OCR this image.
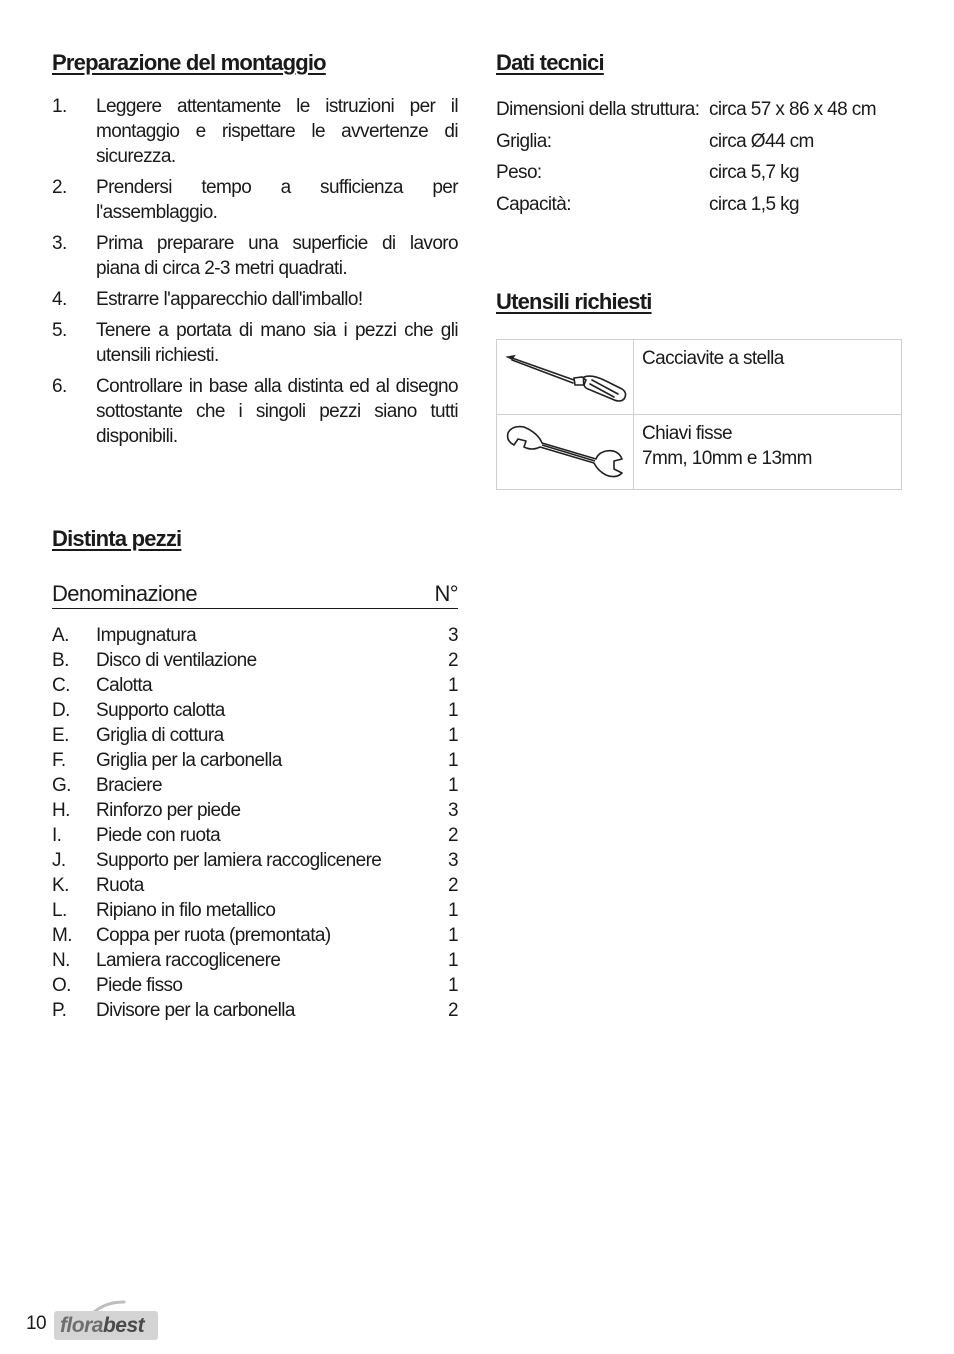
Preparazione del montaggio
1.	Leggere attentamente le istruzioni per il montaggio e rispettare le avvertenze di sicurezza.
2.	Prendersi tempo a sufficienza per l'assemblaggio.
3.	Prima preparare una superficie di lavoro piana di circa 2-3 metri quadrati.
4.	Estrarre l'apparecchio dall'imballo!
5.	Tenere a portata di mano sia i pezzi che gli utensili richiesti.
6.	Controllare in base alla distinta ed al disegno sottostante che i singoli pezzi siano tutti disponibili.
Distinta pezzi
Denominazione	N°
A.	Impugnatura	3
B.	Disco di ventilazione	2
C.	Calotta	1
D.	Supporto calotta	1
E.	Griglia di cottura	1
F.	Griglia per la carbonella	1
G.	Braciere	1
H.	Rinforzo per piede	3
I.	Piede con ruota	2
J.	Supporto per lamiera raccoglicenere	3
K.	Ruota	2
L.	Ripiano in filo metallico	1
M.	Coppa per ruota (premontata)	1
N.	Lamiera raccoglicenere	1
O.	Piede fisso	1
P.	Divisore per la carbonella	2
Dati tecnici
Dimensioni della struttura: circa 57 x 86 x 48 cm
Griglia:	circa Ø44 cm
Peso:	circa 5,7 kg
Capacità:	circa 1,5 kg
Utensili richiesti
Cacciavite a stella
Chiavi fisse
7mm, 10mm e 13mm
10 flora best
